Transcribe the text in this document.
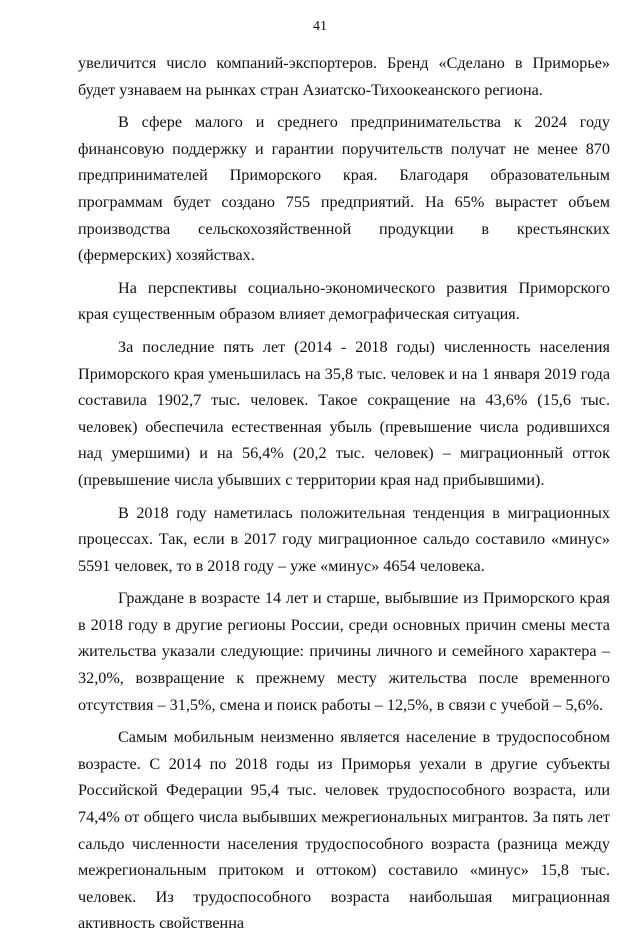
41

увеличится число компаний-экспортеров. Бренд «Сделано в Приморье» будет узнаваем на рынках стран Азиатско-Тихоокеанского региона.

В сфере малого и среднего предпринимательства к 2024 году финансовую поддержку и гарантии поручительств получат не менее 870 предпринимателей Приморского края. Благодаря образовательным программам будет создано 755 предприятий. На 65% вырастет объем производства сельскохозяйственной продукции в крестьянских (фермерских) хозяйствах.

На перспективы социально-экономического развития Приморского края существенным образом влияет демографическая ситуация.

За последние пять лет (2014 - 2018 годы) численность населения Приморского края уменьшилась на 35,8 тыс. человек и на 1 января 2019 года составила 1902,7 тыс. человек. Такое сокращение на 43,6% (15,6 тыс. человек) обеспечила естественная убыль (превышение числа родившихся над умершими) и на 56,4% (20,2 тыс. человек) – миграционный отток (превышение числа убывших с территории края над прибывшими).

В 2018 году наметилась положительная тенденция в миграционных процессах. Так, если в 2017 году миграционное сальдо составило «минус» 5591 человек, то в 2018 году – уже «минус» 4654 человека.

Граждане в возрасте 14 лет и старше, выбывшие из Приморского края в 2018 году в другие регионы России, среди основных причин смены места жительства указали следующие: причины личного и семейного характера – 32,0%, возвращение к прежнему месту жительства после временного отсутствия – 31,5%, смена и поиск работы – 12,5%, в связи с учебой – 5,6%.

Самым мобильным неизменно является население в трудоспособном возрасте. С 2014 по 2018 годы из Приморья уехали в другие субъекты Российской Федерации 95,4 тыс. человек трудоспособного возраста, или 74,4% от общего числа выбывших межрегиональных мигрантов. За пять лет сальдо численности населения трудоспособного возраста (разница между межрегиональным притоком и оттоком) составило «минус» 15,8 тыс. человек. Из трудоспособного возраста наибольшая миграционная активность свойственна
